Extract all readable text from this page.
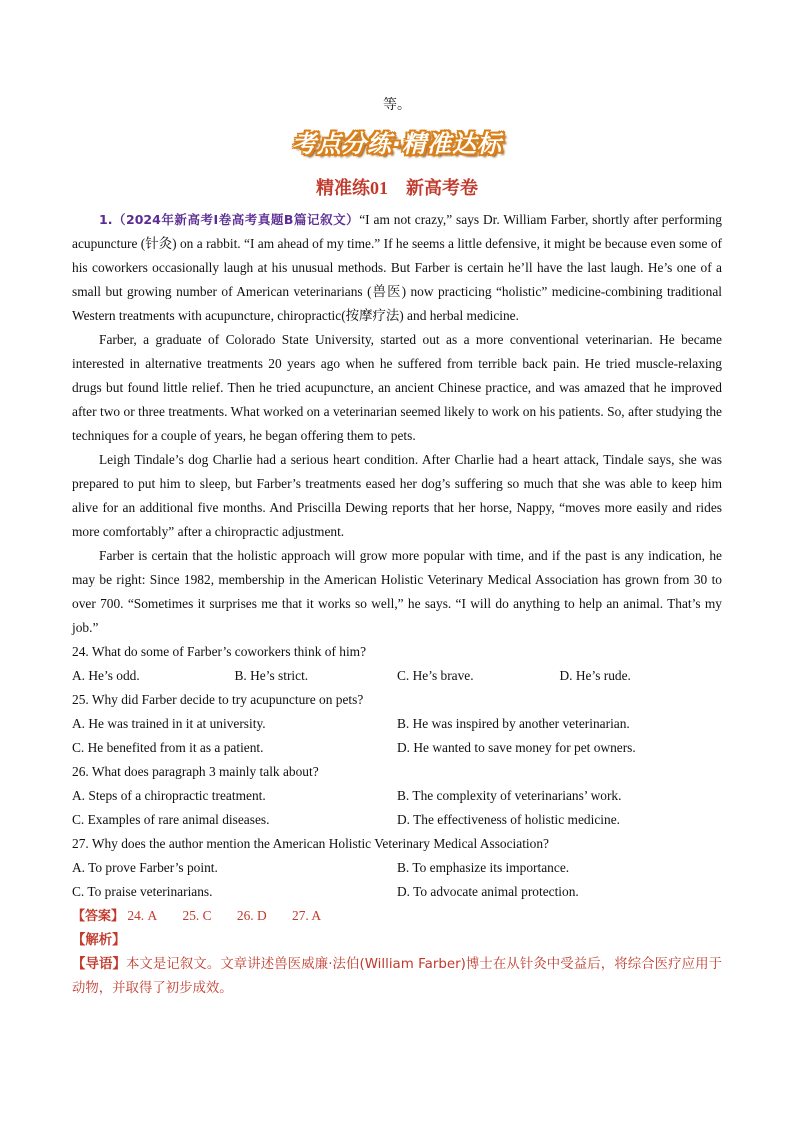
等。
考点分练·精准达标
精准练01　新高考卷

1.（2024年新高考I卷高考真题B篇记叙文）“I am not crazy,” says Dr. William Farber, shortly after performing acupuncture (针灸) on a rabbit. “I am ahead of my time.” If he seems a little defensive, it might be because even some of his coworkers occasionally laugh at his unusual methods. But Farber is certain he’ll have the last laugh. He’s one of a small but growing number of American veterinarians (兽医) now practicing “holistic” medicine-combining traditional Western treatments with acupuncture, chiropractic(按摩疗法) and herbal medicine.

Farber, a graduate of Colorado State University, started out as a more conventional veterinarian. He became interested in alternative treatments 20 years ago when he suffered from terrible back pain. He tried muscle-relaxing drugs but found little relief. Then he tried acupuncture, an ancient Chinese practice, and was amazed that he improved after two or three treatments. What worked on a veterinarian seemed likely to work on his patients. So, after studying the techniques for a couple of years, he began offering them to pets.

Leigh Tindale’s dog Charlie had a serious heart condition. After Charlie had a heart attack, Tindale says, she was prepared to put him to sleep, but Farber’s treatments eased her dog’s suffering so much that she was able to keep him alive for an additional five months. And Priscilla Dewing reports that her horse, Nappy, “moves more easily and rides more comfortably” after a chiropractic adjustment.

Farber is certain that the holistic approach will grow more popular with time, and if the past is any indication, he may be right: Since 1982, membership in the American Holistic Veterinary Medical Association has grown from 30 to over 700. “Sometimes it surprises me that it works so well,” he says. “I will do anything to help an animal. That’s my job.”

24. What do some of Farber’s coworkers think of him?

A. He’s odd.	B. He’s strict.	C. He’s brave.	D. He’s rude.

25. Why did Farber decide to try acupuncture on pets?

A. He was trained in it at university.	B. He was inspired by another veterinarian.
C. He benefited from it as a patient.	D. He wanted to save money for pet owners.

26. What does paragraph 3 mainly talk about?

A. Steps of a chiropractic treatment.	B. The complexity of veterinarians’ work.
C. Examples of rare animal diseases.	D. The effectiveness of holistic medicine.

27. Why does the author mention the American Holistic Veterinary Medical Association?

A. To prove Farber’s point.	B. To emphasize its importance.
C. To praise veterinarians.	D. To advocate animal protection.

【答案】 24. A 25. C 26. D 27. A

【解析】

【导语】本文是记叙文。文章讲述兽医威廉·法伯(William Farber)博士在从针灸中受益后，将综合医疗应用于动物，并取得了初步成效。
